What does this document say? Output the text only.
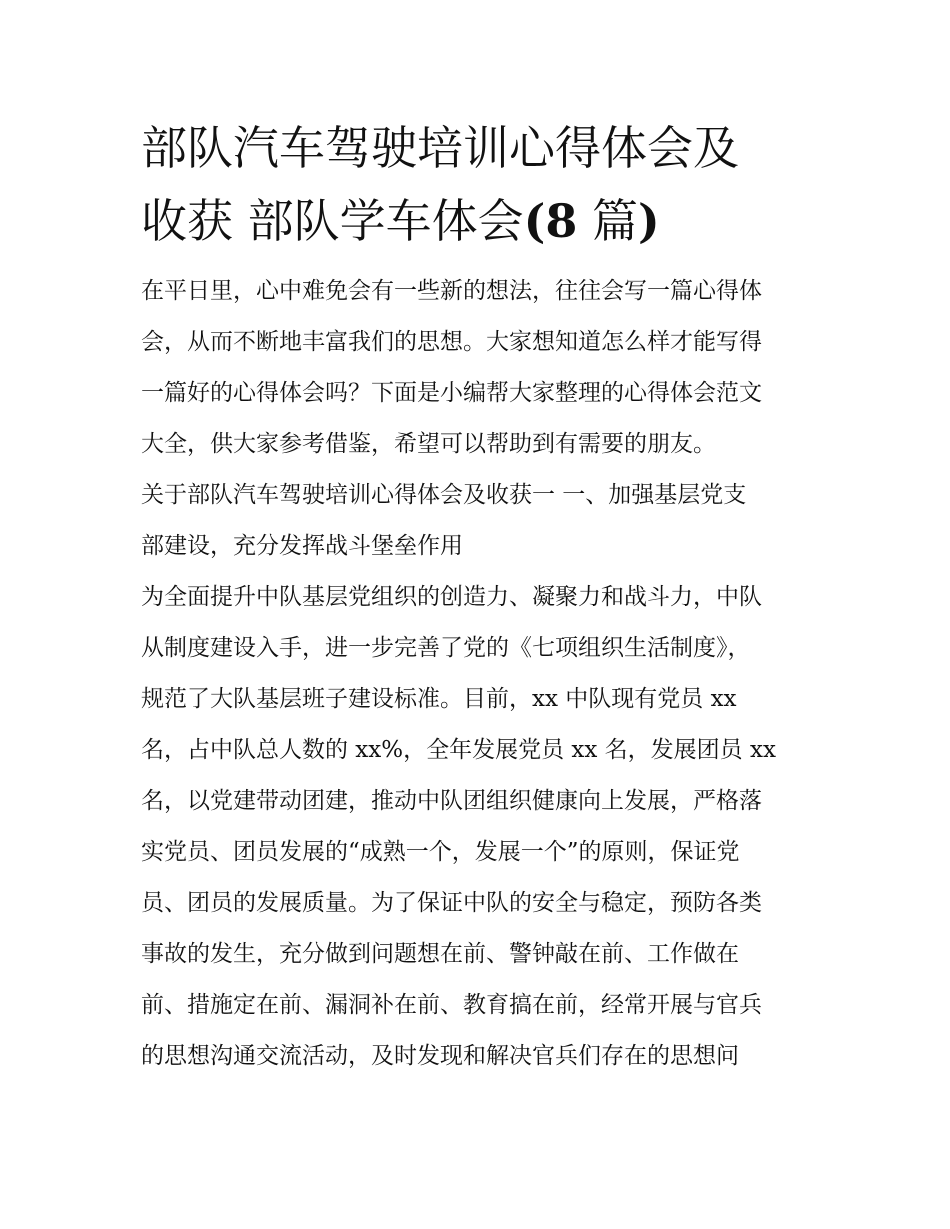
部队汽车驾驶培训心得体会及
收获 部队学车体会(8 篇)
在平日里，心中难免会有一些新的想法，往往会写一篇心得体
会，从而不断地丰富我们的思想。大家想知道怎么样才能写得
一篇好的心得体会吗？下面是小编帮大家整理的心得体会范文
大全，供大家参考借鉴，希望可以帮助到有需要的朋友。
关于部队汽车驾驶培训心得体会及收获一 一、加强基层党支
部建设，充分发挥战斗堡垒作用
为全面提升中队基层党组织的创造力、凝聚力和战斗力，中队
从制度建设入手，进一步完善了党的《七项组织生活制度》，
规范了大队基层班子建设标准。目前，xx 中队现有党员 xx
名，占中队总人数的 xx%，全年发展党员 xx 名，发展团员 xx
名，以党建带动团建，推动中队团组织健康向上发展，严格落
实党员、团员发展的“成熟一个，发展一个”的原则，保证党
员、团员的发展质量。为了保证中队的安全与稳定，预防各类
事故的发生，充分做到问题想在前、警钟敲在前、工作做在
前、措施定在前、漏洞补在前、教育搞在前，经常开展与官兵
的思想沟通交流活动，及时发现和解决官兵们存在的思想问
